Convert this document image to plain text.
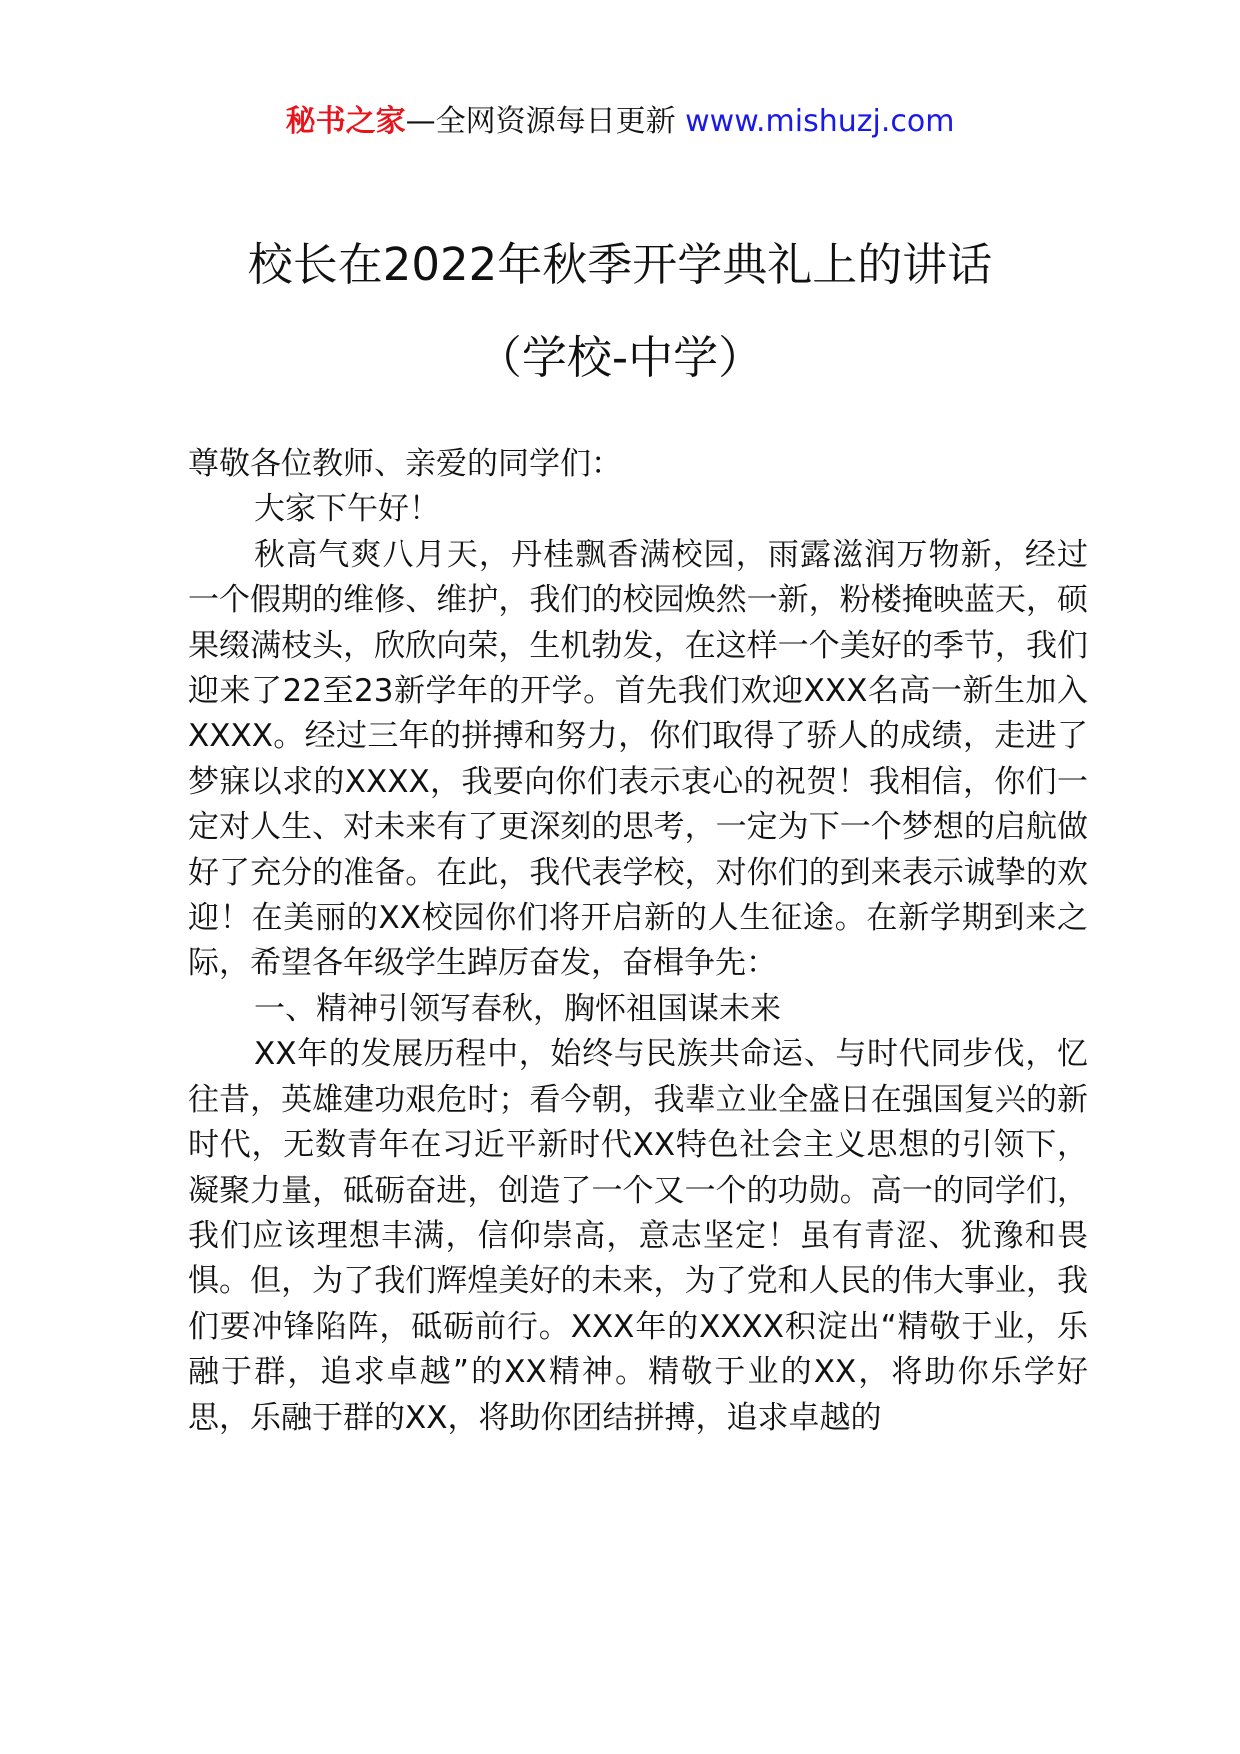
秘书之家—全网资源每日更新 www.mishuzj.com
校长在2022年秋季开学典礼上的讲话
（学校-中学）

尊敬各位教师、亲爱的同学们：

大家下午好！

秋高气爽八月天，丹桂飘香满校园，雨露滋润万物新，经过一个假期的维修、维护，我们的校园焕然一新，粉楼掩映蓝天，硕果缀满枝头，欣欣向荣，生机勃发，在这样一个美好的季节，我们迎来了22至23新学年的开学。首先我们欢迎XXX名高一新生加入XXXX。经过三年的拼搏和努力，你们取得了骄人的成绩，走进了梦寐以求的XXXX，我要向你们表示衷心的祝贺！我相信，你们一定对人生、对未来有了更深刻的思考，一定为下一个梦想的启航做好了充分的准备。在此，我代表学校，对你们的到来表示诚挚的欢迎！在美丽的XX校园你们将开启新的人生征途。在新学期到来之际，希望各年级学生踔厉奋发，奋楫争先：

一、精神引领写春秋，胸怀祖国谋未来

XX年的发展历程中，始终与民族共命运、与时代同步伐，忆往昔，英雄建功艰危时；看今朝，我辈立业全盛日在强国复兴的新时代，无数青年在习近平新时代XX特色社会主义思想的引领下，凝聚力量，砥砺奋进，创造了一个又一个的功勋。高一的同学们，我们应该理想丰满，信仰崇高，意志坚定！虽有青涩、犹豫和畏惧。但，为了我们辉煌美好的未来，为了党和人民的伟大事业，我们要冲锋陷阵，砥砺前行。XXX年的XXXX积淀出“精敬于业，乐融于群，追求卓越”的XX精神。精敬于业的XX，将助你乐学好思，乐融于群的XX，将助你团结拼搏，追求卓越的
